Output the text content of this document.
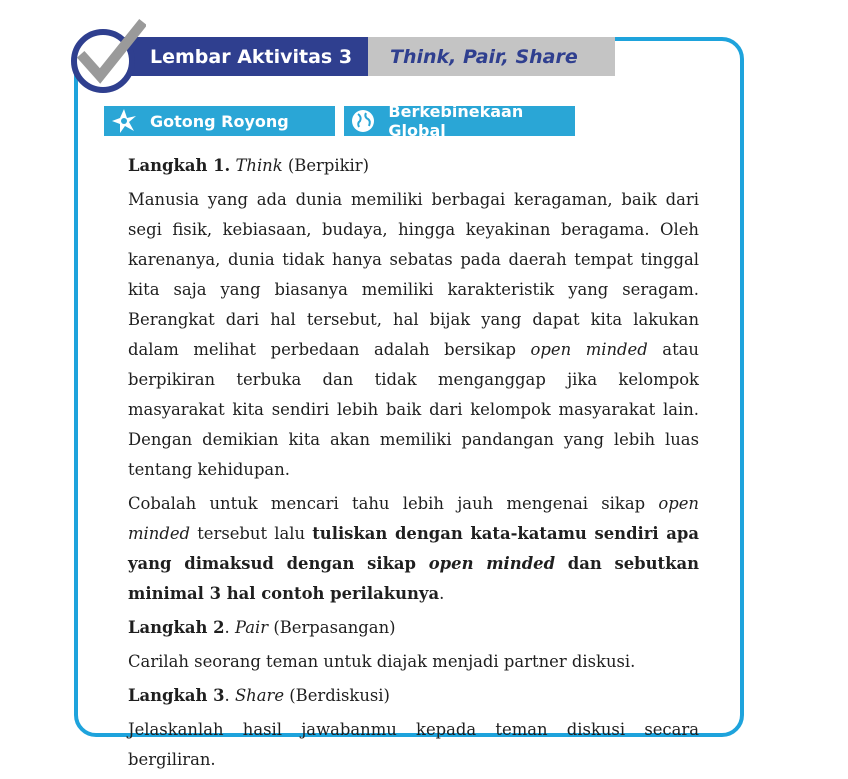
Lembar Aktivitas 3	Think, Pair, Share
Gotong Royong	Berkebinekaan Global

Langkah 1. Think (Berpikir)

Manusia yang ada dunia memiliki berbagai keragaman, baik dari segi fisik, kebiasaan, budaya, hingga keyakinan beragama. Oleh karenanya, dunia tidak hanya sebatas pada daerah tempat tinggal kita saja yang biasanya memiliki karakteristik yang seragam. Berangkat dari hal tersebut, hal bijak yang dapat kita lakukan dalam melihat perbedaan adalah bersikap open minded atau berpikiran terbuka dan tidak menganggap jika kelompok masyarakat kita sendiri lebih baik dari kelompok masyarakat lain. Dengan demikian kita akan memiliki pandangan yang lebih luas tentang kehidupan.

Cobalah untuk mencari tahu lebih jauh mengenai sikap open minded tersebut lalu tuliskan dengan kata-katamu sendiri apa yang dimaksud dengan sikap open minded dan sebutkan minimal 3 hal contoh perilakunya.

Langkah 2. Pair (Berpasangan)

Carilah seorang teman untuk diajak menjadi partner diskusi.

Langkah 3. Share (Berdiskusi)

Jelaskanlah hasil jawabanmu kepada teman diskusi secara bergiliran.
